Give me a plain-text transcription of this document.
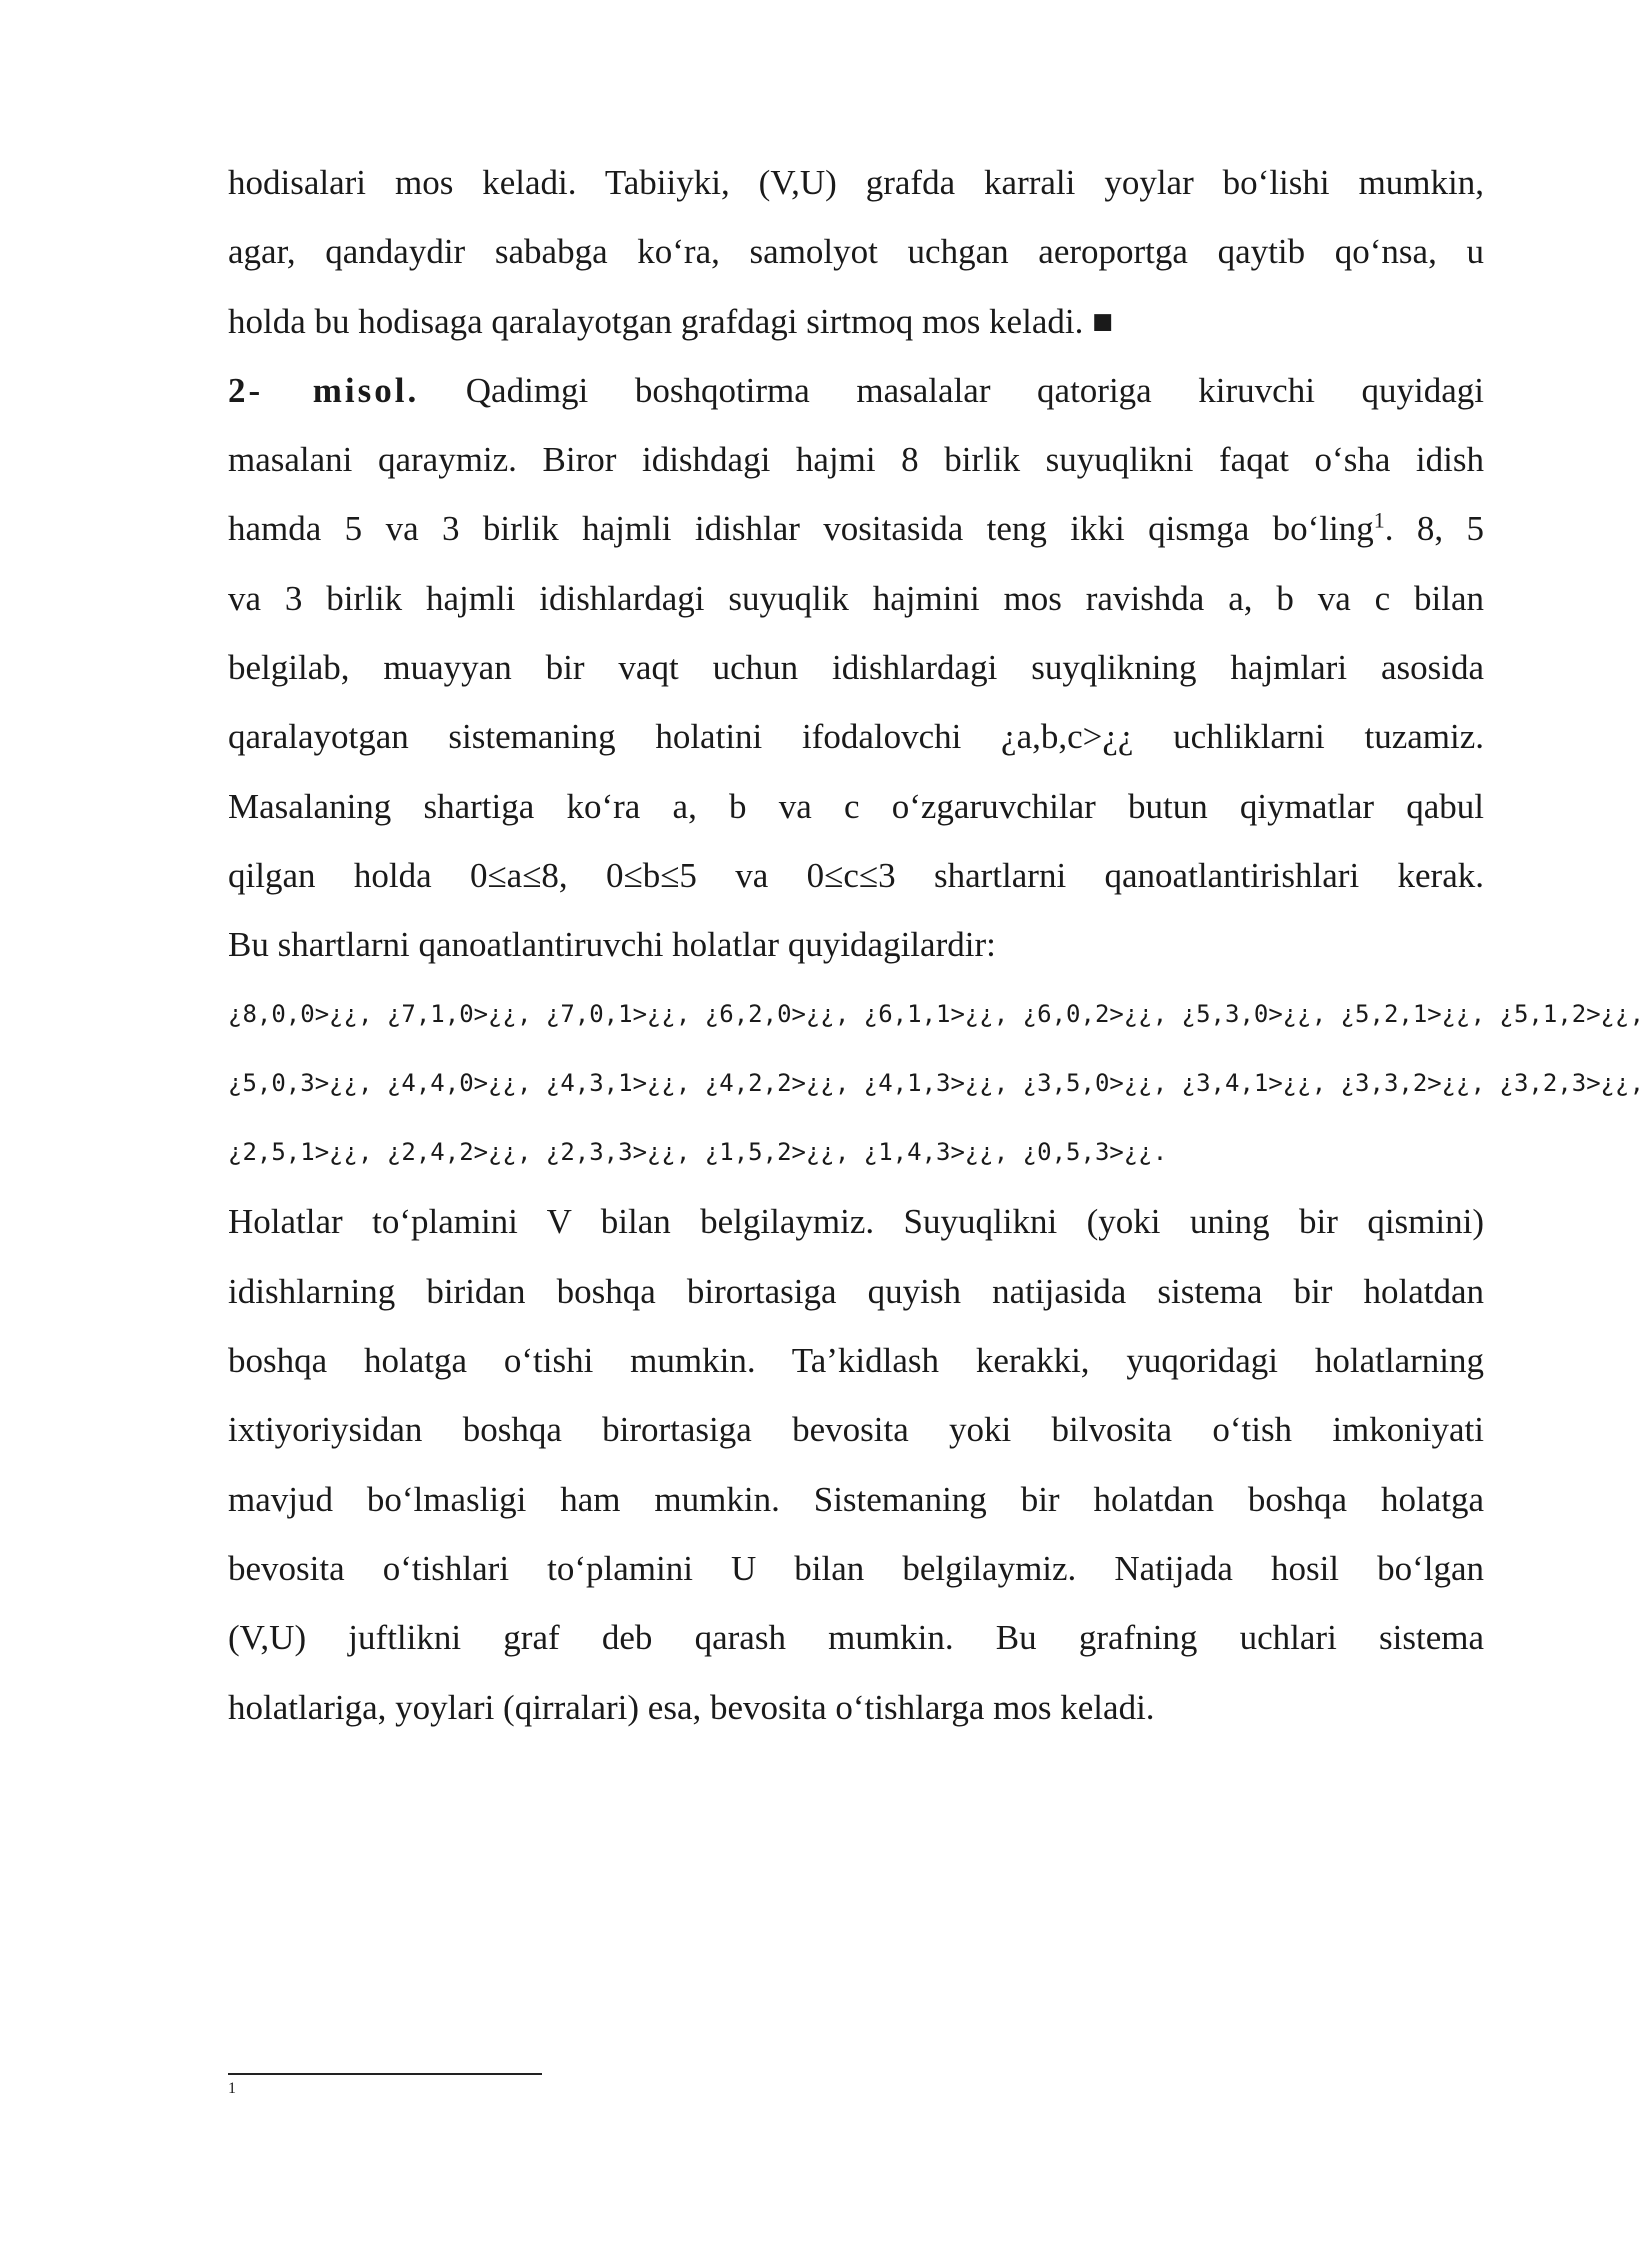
hodisalari mos keladi. Tabiiyki, (V,U) grafda karrali yoylar bo‘lishi mumkin,

agar, qandaydir sababga ko‘ra, samolyot uchgan aeroportga qaytib qo‘nsa, u

holda bu hodisaga qaralayotgan grafdagi sirtmoq mos keladi. ■

2- misol. Qadimgi boshqotirma masalalar qatoriga kiruvchi quyidagi

masalani qaraymiz. Biror idishdagi hajmi 8 birlik suyuqlikni faqat o‘sha idish

hamda 5 va 3 birlik hajmli idishlar vositasida teng ikki qismga bo‘ling$^1$. 8, 5

va 3 birlik hajmli idishlardagi suyuqlik hajmini mos ravishda a, b va c bilan

belgilab, muayyan bir vaqt uchun idishlardagi suyqlikning hajmlari asosida

qaralayotgan sistemaning holatini ifodalovchi ¿a,b,c>¿¿ uchliklarni tuzamiz.

Masalaning shartiga ko‘ra a, b va c o‘zgaruvchilar butun qiymatlar qabul

qilgan holda 0≤a≤8, 0≤b≤5 va 0≤c≤3 shartlarni qanoatlantirishlari kerak.

Bu shartlarni qanoatlantiruvchi holatlar quyidagilardir:

¿8,0,0>¿¿, ¿7,1,0>¿¿, ¿7,0,1>¿¿, ¿6,2,0>¿¿, ¿6,1,1>¿¿, ¿6,0,2>¿¿, ¿5,3,0>¿¿, ¿5,2,1>¿¿, ¿5,1,2>¿¿,

¿5,0,3>¿¿, ¿4,4,0>¿¿, ¿4,3,1>¿¿, ¿4,2,2>¿¿, ¿4,1,3>¿¿, ¿3,5,0>¿¿, ¿3,4,1>¿¿, ¿3,3,2>¿¿, ¿3,2,3>¿¿,

¿2,5,1>¿¿, ¿2,4,2>¿¿, ¿2,3,3>¿¿, ¿1,5,2>¿¿, ¿1,4,3>¿¿, ¿0,5,3>¿¿.

Holatlar to‘plamini V bilan belgilaymiz. Suyuqlikni (yoki uning bir qismini)

idishlarning biridan boshqa birortasiga quyish natijasida sistema bir holatdan

boshqa holatga o‘tishi mumkin. Ta’kidlash kerakki, yuqoridagi holatlarning

ixtiyoriysidan boshqa birortasiga bevosita yoki bilvosita o‘tish imkoniyati

mavjud bo‘lmasligi ham mumkin. Sistemaning bir holatdan boshqa holatga

bevosita o‘tishlari to‘plamini U bilan belgilaymiz. Natijada hosil bo‘lgan

(V,U) juftlikni graf deb qarash mumkin. Bu grafning uchlari sistema

holatlariga, yoylari (qirralari) esa, bevosita o‘tishlarga mos keladi.

1
